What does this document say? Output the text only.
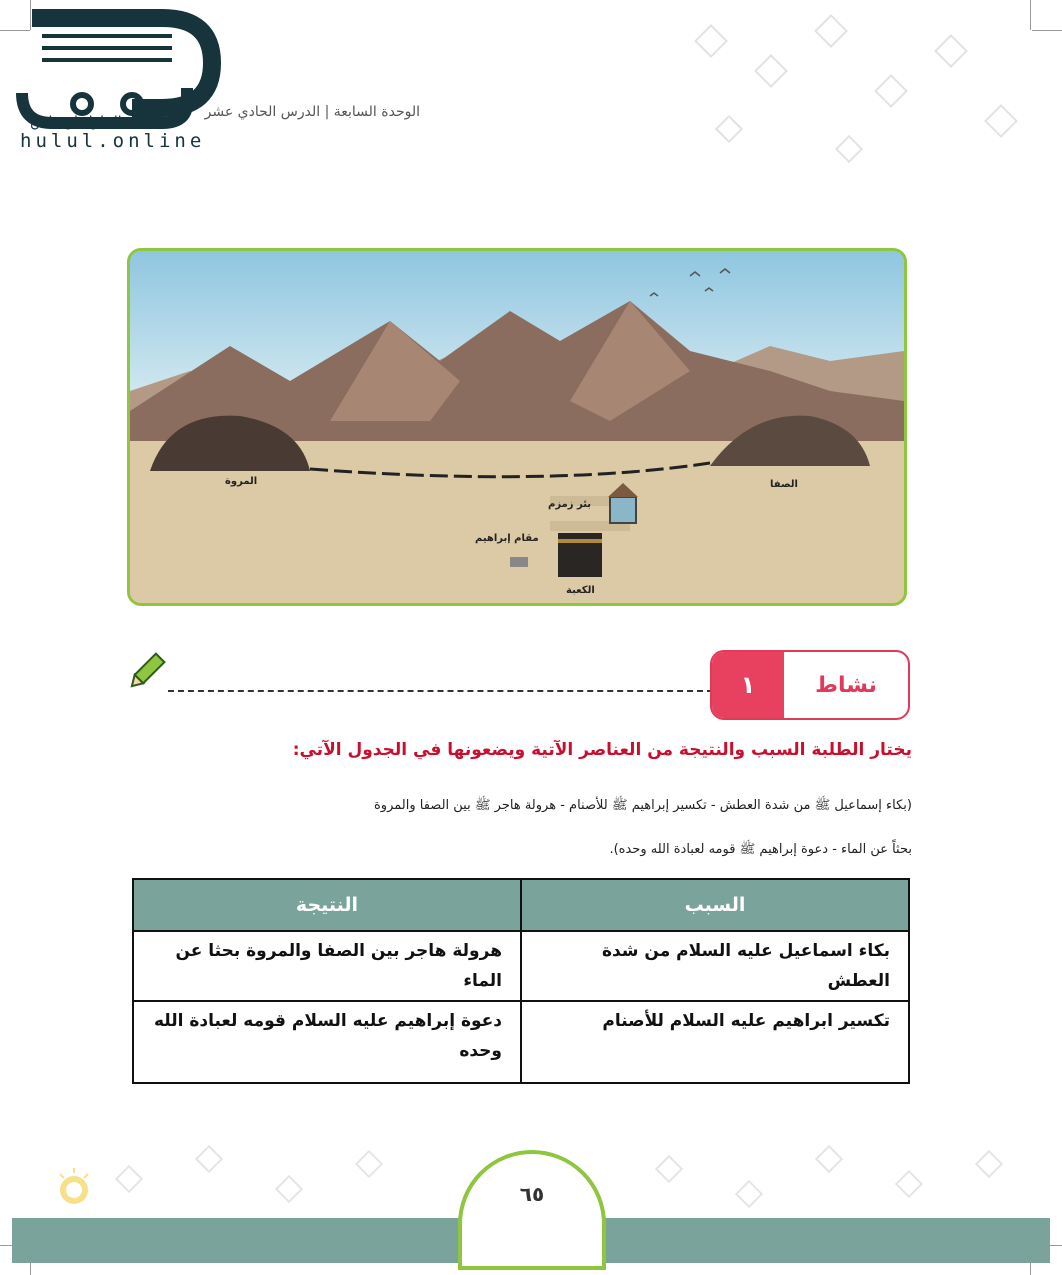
الحلول اون لاين
hulul.online
الوحدة السابعة | الدرس الحادي عشر
المروة	الصفا
بئر زمزم
مقام إبراهيم
الكعبة
١	نشاط
يختار الطلبة السبب والنتيجة من العناصر الآتية ويضعونها في الجدول الآتي:
(بكاء إسماعيل ﷺ من شدة العطش - تكسير إبراهيم ﷺ للأصنام - هرولة هاجر ﷺ بين الصفا والمروة
بحثاً عن الماء - دعوة إبراهيم ﷺ قومه لعبادة الله وحده).
السبب	النتيجة
بكاء اسماعيل عليه السلام من شدة العطش	هرولة هاجر بين الصفا والمروة بحثا عن الماء
تكسير ابراهيم عليه السلام للأصنام	دعوة إبراهيم عليه السلام قومه لعبادة الله وحده
٦٥
